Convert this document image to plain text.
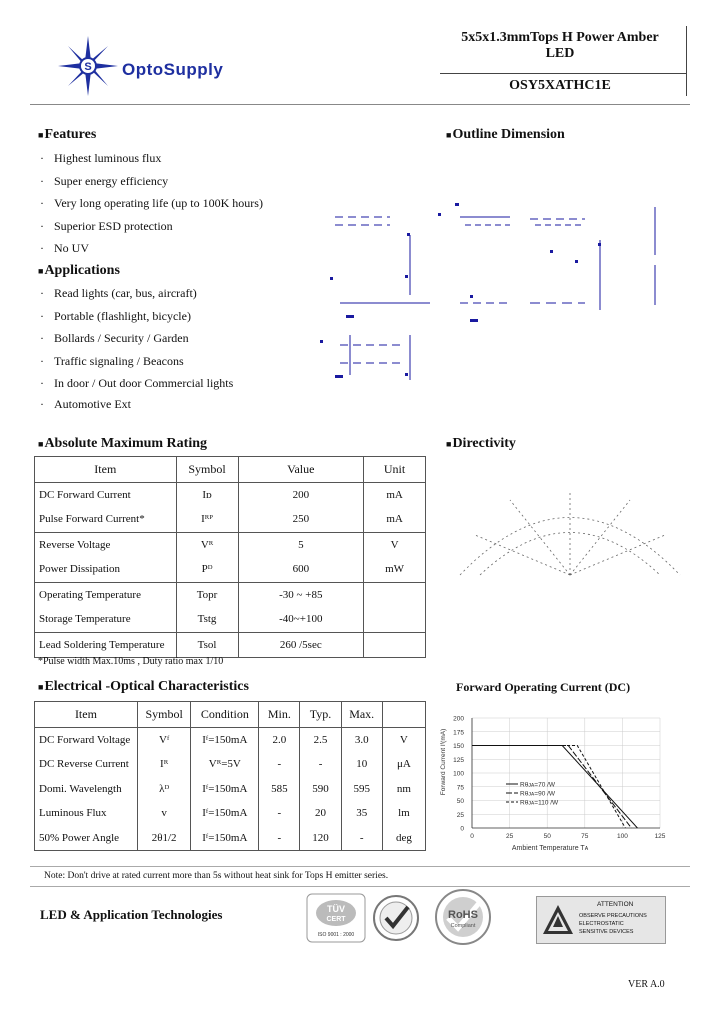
S OptoSupply
5x5x1.3mmTops H Power Amber
LED
OSY5XATHC1E
■Features
· Highest luminous flux
· Super energy efficiency
· Very long operating life (up to 100K hours)
· Superior ESD protection
· No UV
■Applications
· Read lights (car, bus, aircraft)
· Portable (flashlight, bicycle)
· Bollards / Security / Garden
· Traffic signaling / Beacons
· In door / Out door Commercial lights
· Automotive Ext
■Outline Dimension
■Absolute Maximum Rating
Item	Symbol	Value	Unit
DC Forward Current	Iᴅ	200	mA
Pulse Forward Current*	Iᴿᴾ	250	mA
Reverse Voltage	Vᴿ	5	V
Power Dissipation	Pᴰ	600	mW
Operating Temperature	Topr	-30 ~ +85	
Storage Temperature	Tstg	-40~+100	
Lead Soldering Temperature	Tsol	260 /5sec	
*Pulse width Max.10ms , Duty ratio max 1/10
■Directivity
■Electrical -Optical Characteristics
Item	Symbol	Condition	Min.	Typ.	Max.	
DC Forward Voltage	Vᶠ	Iᶠ=150mA	2.0	2.5	3.0	V
DC Reverse Current	Iᴿ	Vᴿ=5V	-	-	10	μA
Domi. Wavelength	λᴰ	Iᶠ=150mA	585	590	595	nm
Luminous Flux	v	Iᶠ=150mA	-	20	35	lm
50% Power Angle	2θ1/2	Iᶠ=150mA	-	120	-	deg
Forward Operating Current (DC)
0
25
50
75
100
125
150
175
200
0	25	50	75	100	125
Rθᴊᴀ=70 /W
Rθᴊᴀ=90 /W
Rθᴊᴀ=110 /W
Ambient Temperature Tᴀ
Forward Current Iᶠ(mA)
Note: Don't drive at rated current more than 5s without heat sink for Tops H emitter series.
LED & Application Technologies	TÜV
CERT
ISO 9001 : 2000
RoHS
Compliant
ATTENTION
OBSERVE PRECAUTIONS
ELECTROSTATIC
SENSITIVE DEVICES
VER A.0
